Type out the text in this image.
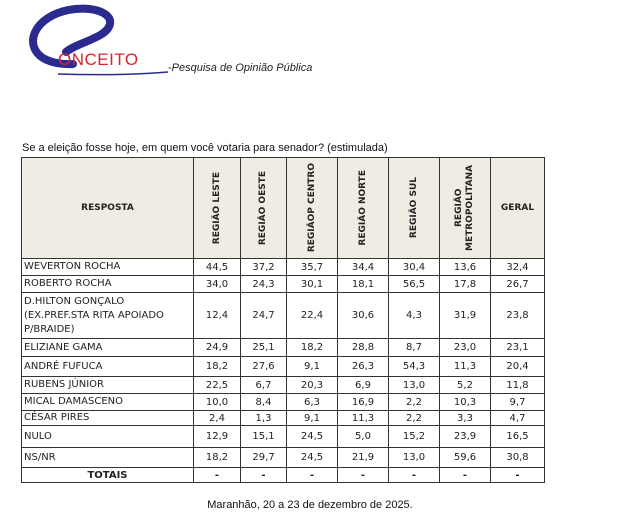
ONCEITO	-Pesquisa de Opinião Pública
Se a eleição fosse hoje, em quem você votaria para senador? (estimulada)
RESPOSTA	REGIÃO LESTE	REGIÃO OESTE	REGIÃOP CENTRO	REGIÃO NORTE	REGIÃO SUL	REGIÃO METROPOLITANA	GERAL

WEVERTON ROCHA	44,5	37,2	35,7	34,4	30,4	13,6	32,4
ROBERTO ROCHA	34,0	24,3	30,1	18,1	56,5	17,8	26,7
D.HILTON GONÇALO (EX.PREF.STA RITA APOIADO P/BRAIDE)	12,4	24,7	22,4	30,6	4,3	31,9	23,8
ELIZIANE GAMA	24,9	25,1	18,2	28,8	8,7	23,0	23,1
ANDRÉ FUFUCA	18,2	27,6	9,1	26,3	54,3	11,3	20,4
RUBENS JÚNIOR	22,5	6,7	20,3	6,9	13,0	5,2	11,8
MICAL DAMASCENO	10,0	8,4	6,3	16,9	2,2	10,3	9,7
CÉSAR PIRES	2,4	1,3	9,1	11,3	2,2	3,3	4,7
NULO	12,9	15,1	24,5	5,0	15,2	23,9	16,5
NS/NR	18,2	29,7	24,5	21,9	13,0	59,6	30,8
TOTAIS	-	-	-	-	-	-	-
Maranhão, 20 a 23 de dezembro de 2025.
